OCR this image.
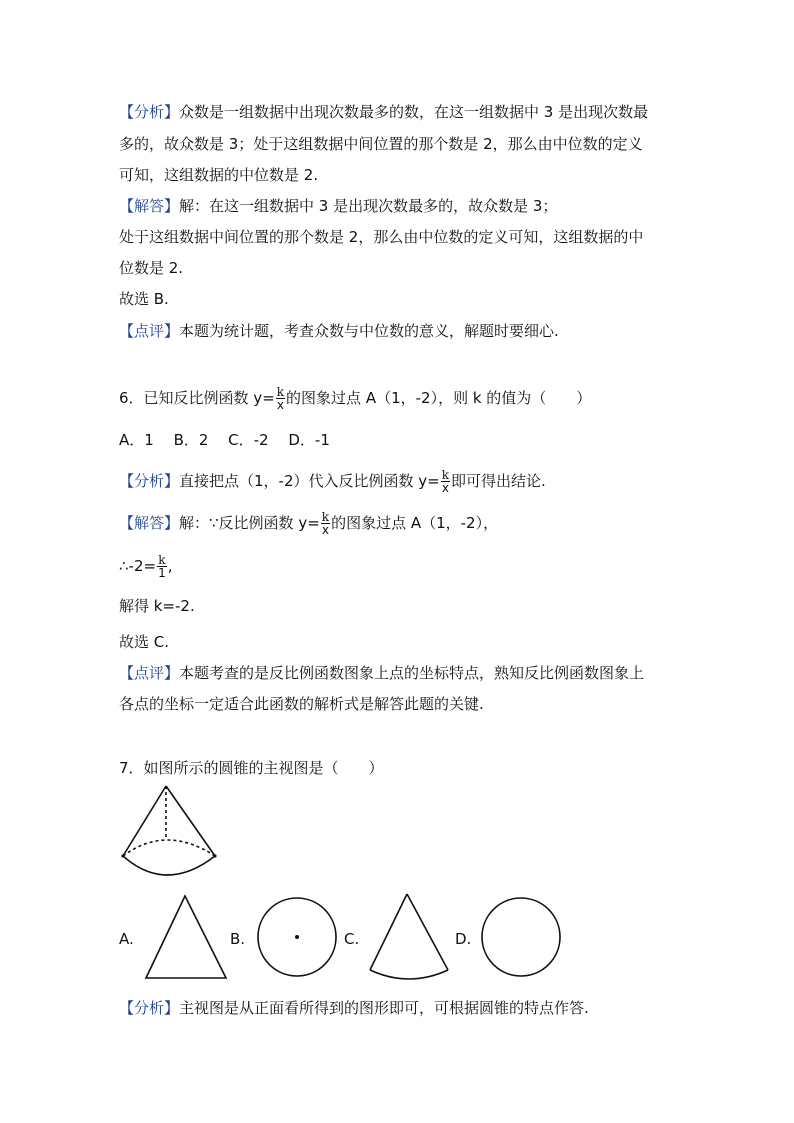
【分析】众数是一组数据中出现次数最多的数，在这一组数据中 3 是出现次数最
多的，故众数是 3；处于这组数据中间位置的那个数是 2，那么由中位数的定义
可知，这组数据的中位数是 2.
【解答】解：在这一组数据中 3 是出现次数最多的，故众数是 3；
处于这组数据中间位置的那个数是 2，那么由中位数的定义可知，这组数据的中
位数是 2.
故选 B.
【点评】本题为统计题，考查众数与中位数的意义，解题时要细心.
6．已知反比例函数 $y= \frac{k}{x}$ 的图象过点 A（1，-2），则 k 的值为（　　）
A．1　 B．2　 C．-2　 D．-1
【分析】直接把点（1，-2）代入反比例函数 $y= \frac{k}{x}$ 即可得出结论.
【解答】解：∵反比例函数 $y= \frac{k}{x}$ 的图象过点 A（1，-2），
∴-2= $\frac{k}{1}$ ,
解得 k=-2.
故选 C.
【点评】本题考查的是反比例函数图象上点的坐标特点，熟知反比例函数图象上
各点的坐标一定适合此函数的解析式是解答此题的关键.
7．如图所示的圆锥的主视图是（　　）
A.	B.	C.	D.
【分析】主视图是从正面看所得到的图形即可，可根据圆锥的特点作答.
